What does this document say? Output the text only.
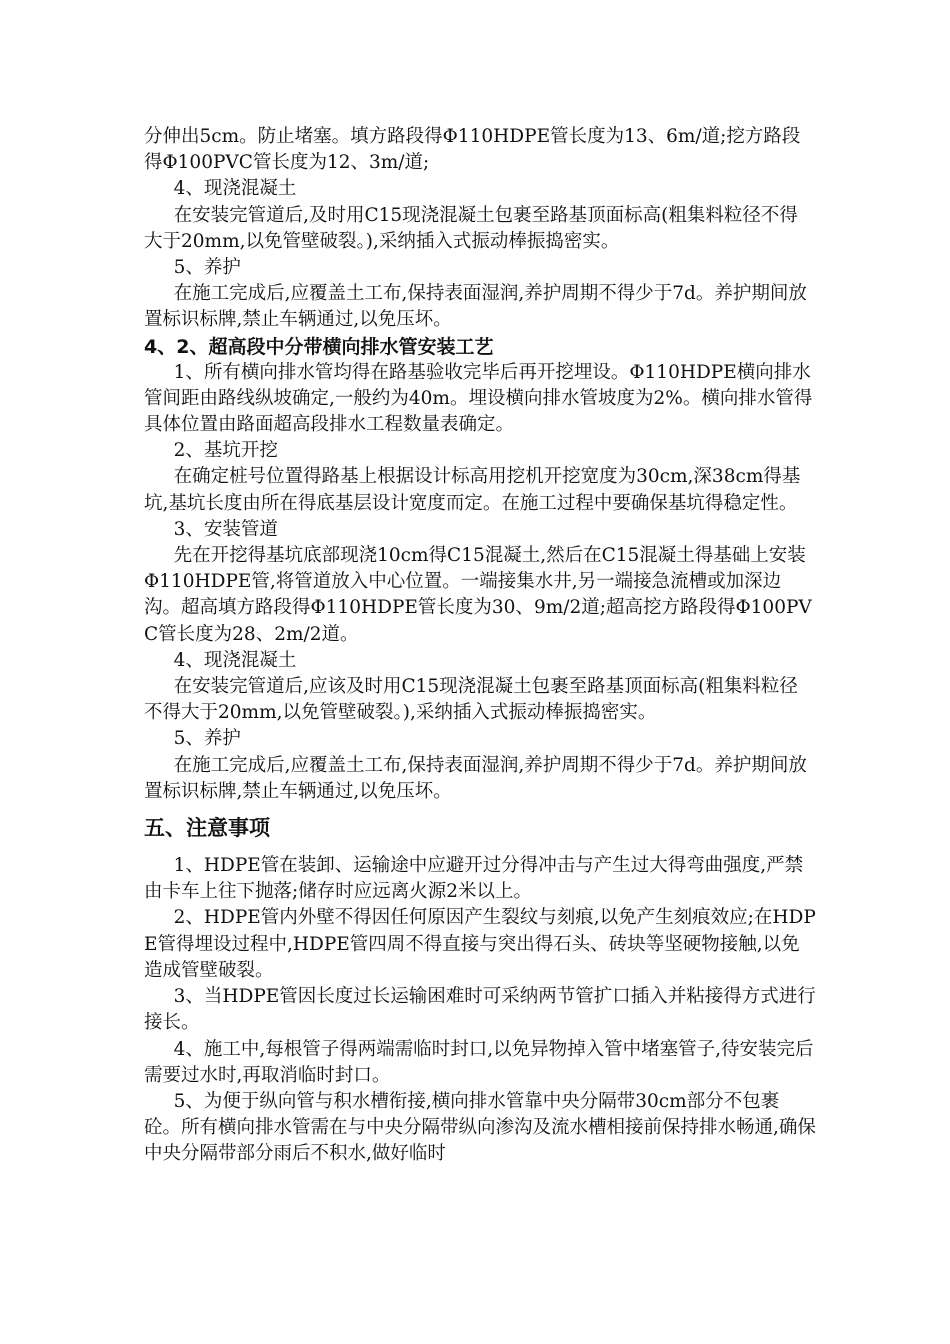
分伸出5cm。防止堵塞。填方路段得Φ110HDPE管长度为13、6m/道;挖方路段得Φ100PVC管长度为12、3m/道;

4、现浇混凝土

在安装完管道后,及时用C15现浇混凝土包裹至路基顶面标高(粗集料粒径不得大于20mm,以免管壁破裂。),采纳插入式振动棒振捣密实。

5、养护

在施工完成后,应覆盖土工布,保持表面湿润,养护周期不得少于7d。养护期间放置标识标牌,禁止车辆通过,以免压坏。

4、2、超高段中分带横向排水管安装工艺

1、所有横向排水管均得在路基验收完毕后再开挖埋设。Φ110HDPE横向排水管间距由路线纵坡确定,一般约为40m。埋设横向排水管坡度为2%。横向排水管得具体位置由路面超高段排水工程数量表确定。

2、基坑开挖

在确定桩号位置得路基上根据设计标高用挖机开挖宽度为30cm,深38cm得基坑,基坑长度由所在得底基层设计宽度而定。在施工过程中要确保基坑得稳定性。

3、安装管道

先在开挖得基坑底部现浇10cm得C15混凝土,然后在C15混凝土得基础上安装Φ110HDPE管,将管道放入中心位置。一端接集水井,另一端接急流槽或加深边沟。超高填方路段得Φ110HDPE管长度为30、9m/2道;超高挖方路段得Φ100PVC管长度为28、2m/2道。

4、现浇混凝土

在安装完管道后,应该及时用C15现浇混凝土包裹至路基顶面标高(粗集料粒径不得大于20mm,以免管壁破裂。),采纳插入式振动棒振捣密实。

5、养护

在施工完成后,应覆盖土工布,保持表面湿润,养护周期不得少于7d。养护期间放置标识标牌,禁止车辆通过,以免压坏。

五、注意事项

1、HDPE管在装卸、运输途中应避开过分得冲击与产生过大得弯曲强度,严禁由卡车上往下抛落;储存时应远离火源2米以上。

2、HDPE管内外壁不得因任何原因产生裂纹与刻痕,以免产生刻痕效应;在HDPE管得埋设过程中,HDPE管四周不得直接与突出得石头、砖块等坚硬物接触,以免造成管壁破裂。

3、当HDPE管因长度过长运输困难时可采纳两节管扩口插入并粘接得方式进行接长。

4、施工中,每根管子得两端需临时封口,以免异物掉入管中堵塞管子,待安装完后需要过水时,再取消临时封口。

5、为便于纵向管与积水槽衔接,横向排水管靠中央分隔带30cm部分不包裹砼。所有横向排水管需在与中央分隔带纵向渗沟及流水槽相接前保持排水畅通,确保中央分隔带部分雨后不积水,做好临时
